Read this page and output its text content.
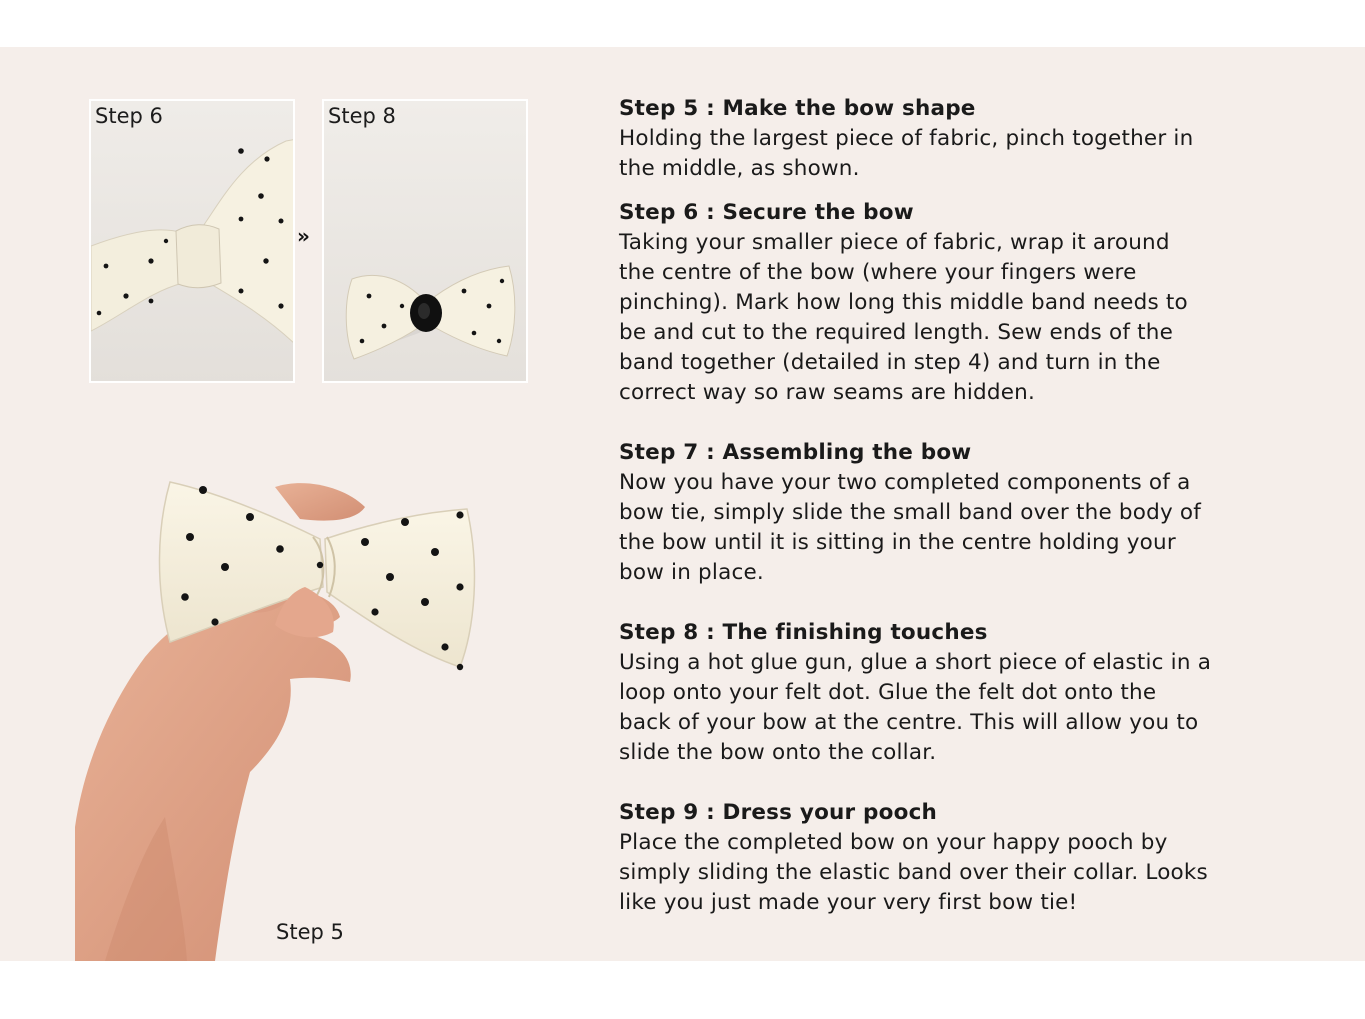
Step 6
»
Step 8
Step 5
Step 5 : Make the bow shape
Holding the largest piece of fabric, pinch together in
the middle, as shown.
Step 6 : Secure the bow
Taking your smaller piece of fabric, wrap it around
the centre of the bow (where your fingers were
pinching). Mark how long this middle band needs to
be and cut to the required length. Sew ends of the
band together (detailed in step 4) and turn in the
correct way so raw seams are hidden.
Step 7 : Assembling the bow
Now you have your two completed components of a
bow tie, simply slide the small band over the body of
the bow until it is sitting in the centre holding your
bow in place.
Step 8 : The finishing touches
Using a hot glue gun, glue a short piece of elastic in a
loop onto your felt dot. Glue the felt dot onto the
back of your bow at the centre. This will allow you to
slide the bow onto the collar.
Step 9 : Dress your pooch
Place the completed bow on your happy pooch by
simply sliding the elastic band over their collar. Looks
like you just made your very first bow tie!
